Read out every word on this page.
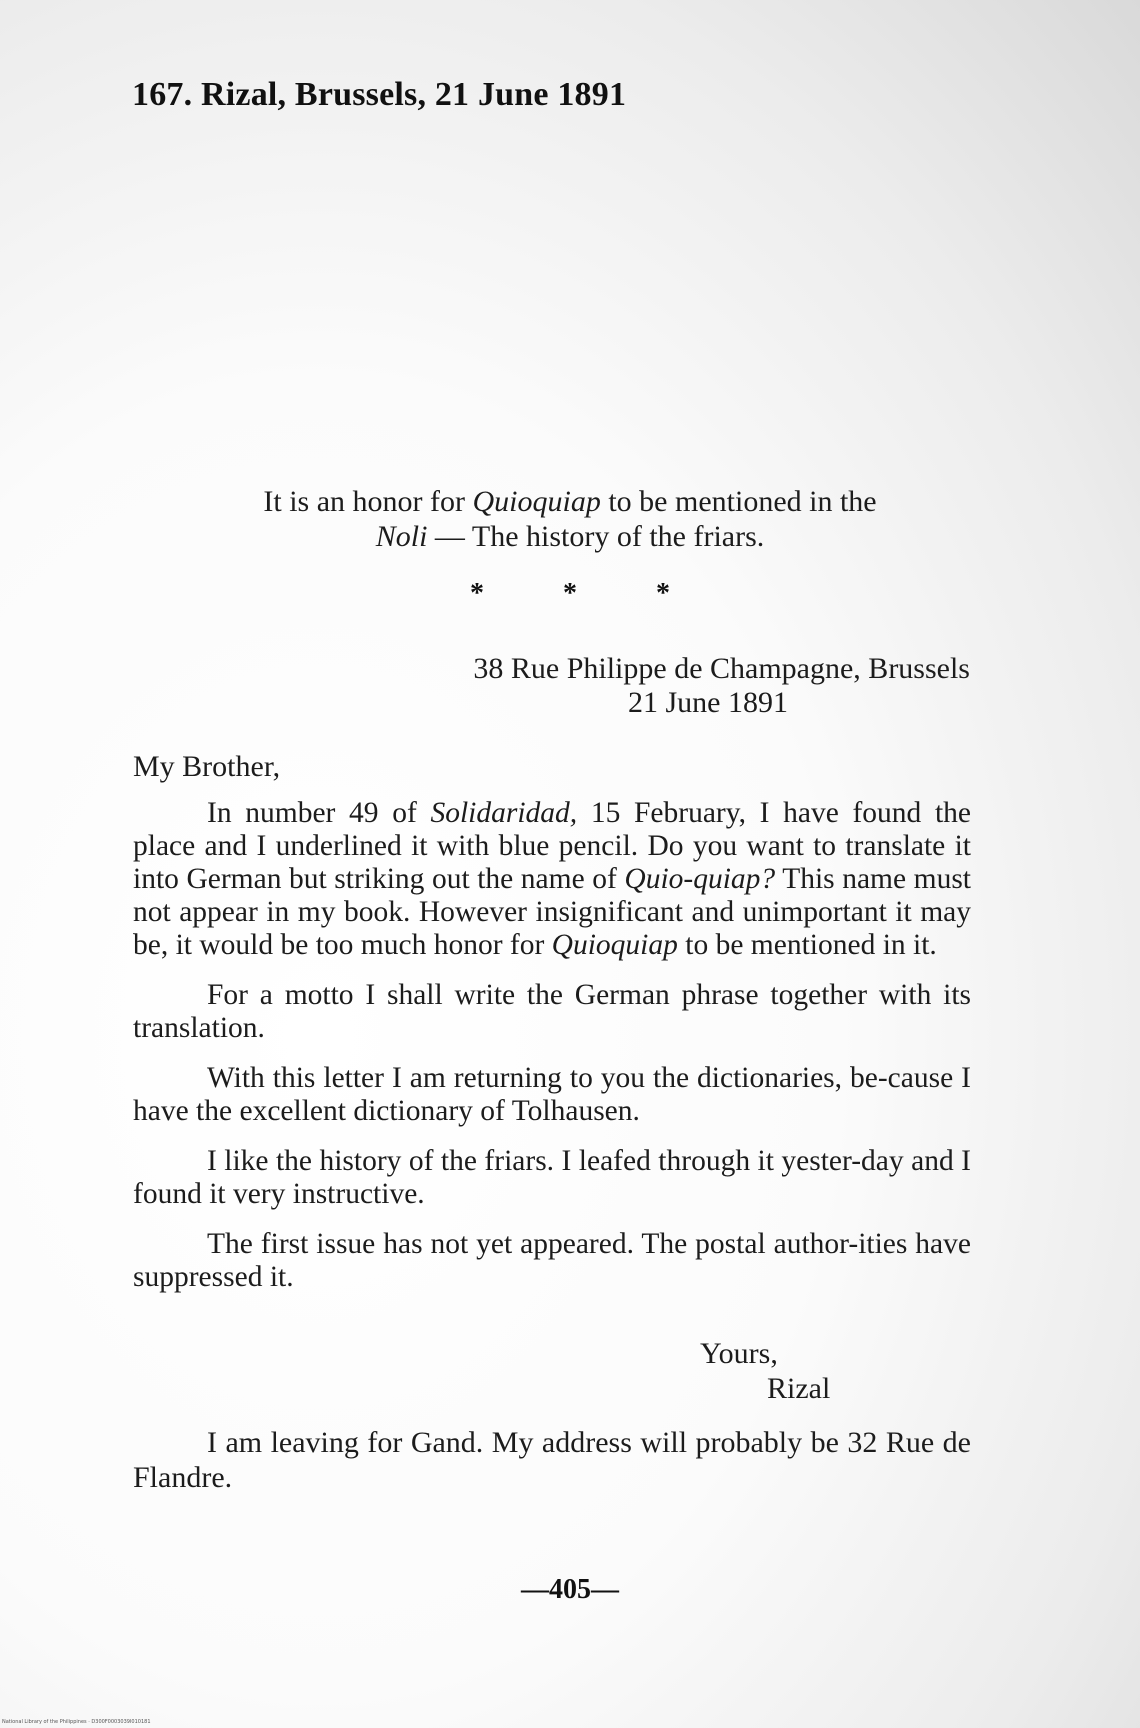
167. Rizal, Brussels, 21 June 1891
It is an honor for Quioquiap to be mentioned in the
Noli — The history of the friars.
*	*	*
38 Rue Philippe de Champagne, Brussels
21 June 1891
My Brother,

In number 49 of Solidaridad, 15 February, I have found the place and I underlined it with blue pencil. Do you want to translate it into German but striking out the name of Quio-quiap? This name must not appear in my book. However insignificant and unimportant it may be, it would be too much honor for Quioquiap to be mentioned in it.

For a motto I shall write the German phrase together with its translation.

With this letter I am returning to you the dictionaries, be-cause I have the excellent dictionary of Tolhausen.

I like the history of the friars. I leafed through it yester-day and I found it very instructive.

The first issue has not yet appeared. The postal author-ities have suppressed it.

Yours,
Rizal

I am leaving for Gand. My address will probably be 32 Rue de Flandre.

—405—
National Library of the Philippines · D300F0003039I010181
